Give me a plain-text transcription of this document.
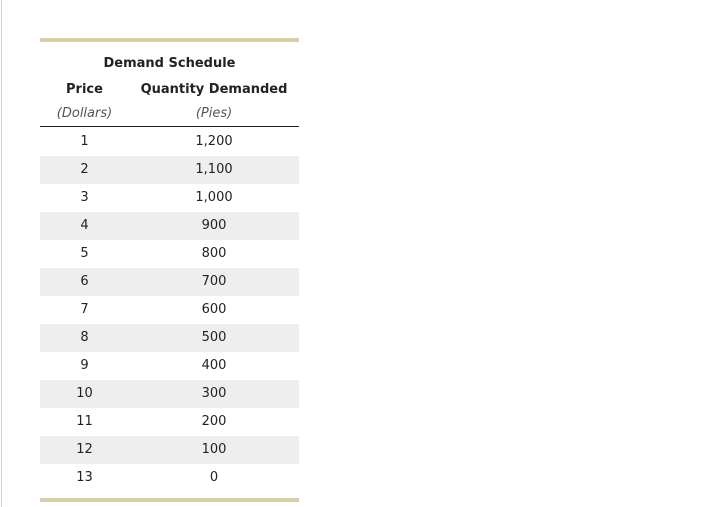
Demand Schedule
Price	Quantity Demanded
(Dollars)	(Pies)
1	1,200
2	1,100
3	1,000
4	900
5	800
6	700
7	600
8	500
9	400
10	300
11	200
12	100
13	0
